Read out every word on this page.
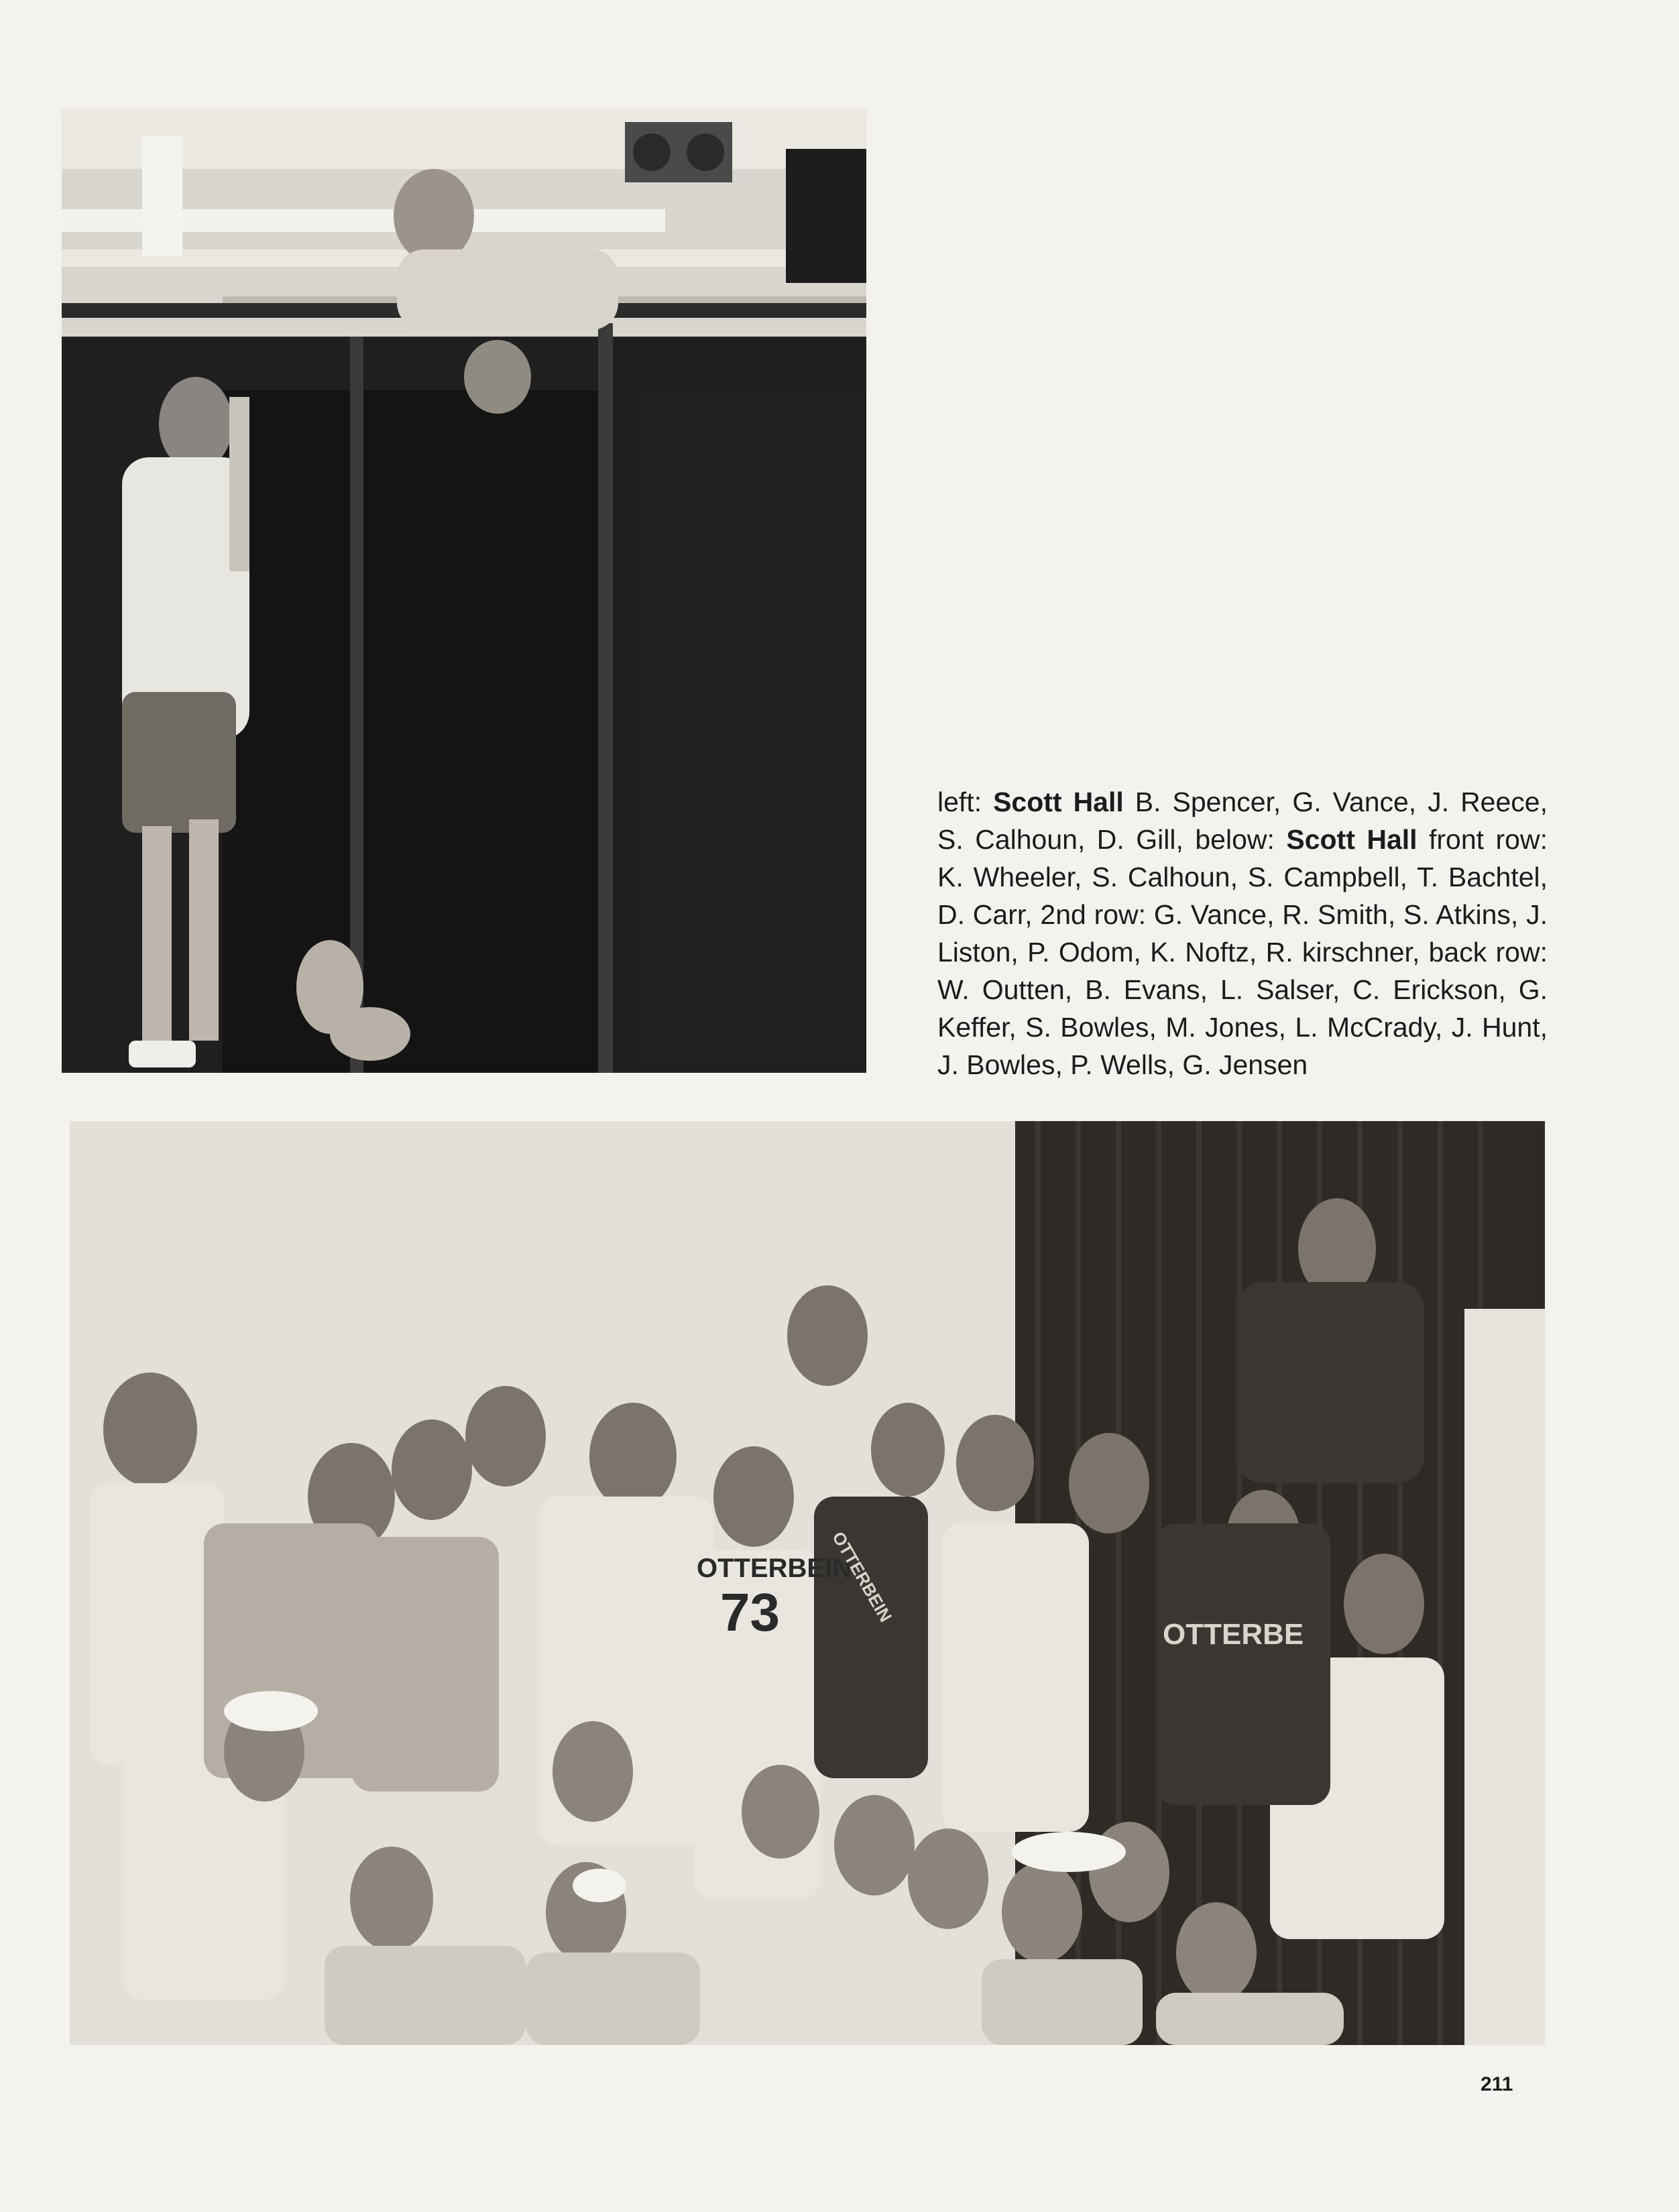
left: Scott Hall B. Spencer, G. Vance, J. Reece, S. Calhoun, D. Gill, below: Scott Hall front row: K. Wheeler, S. Calhoun, S. Campbell, T. Bachtel, D. Carr, 2nd row: G. Vance, R. Smith, S. Atkins, J. Liston, P. Odom, K. Noftz, R. kirschner, back row: W. Outten, B. Evans, L. Salser, C. Erickson, G. Keffer, S. Bowles, M. Jones, L. McCrady, J. Hunt, J. Bowles, P. Wells, G. Jensen
OTTERBEIN
73	OTTERBE
OTTERBEIN
211
